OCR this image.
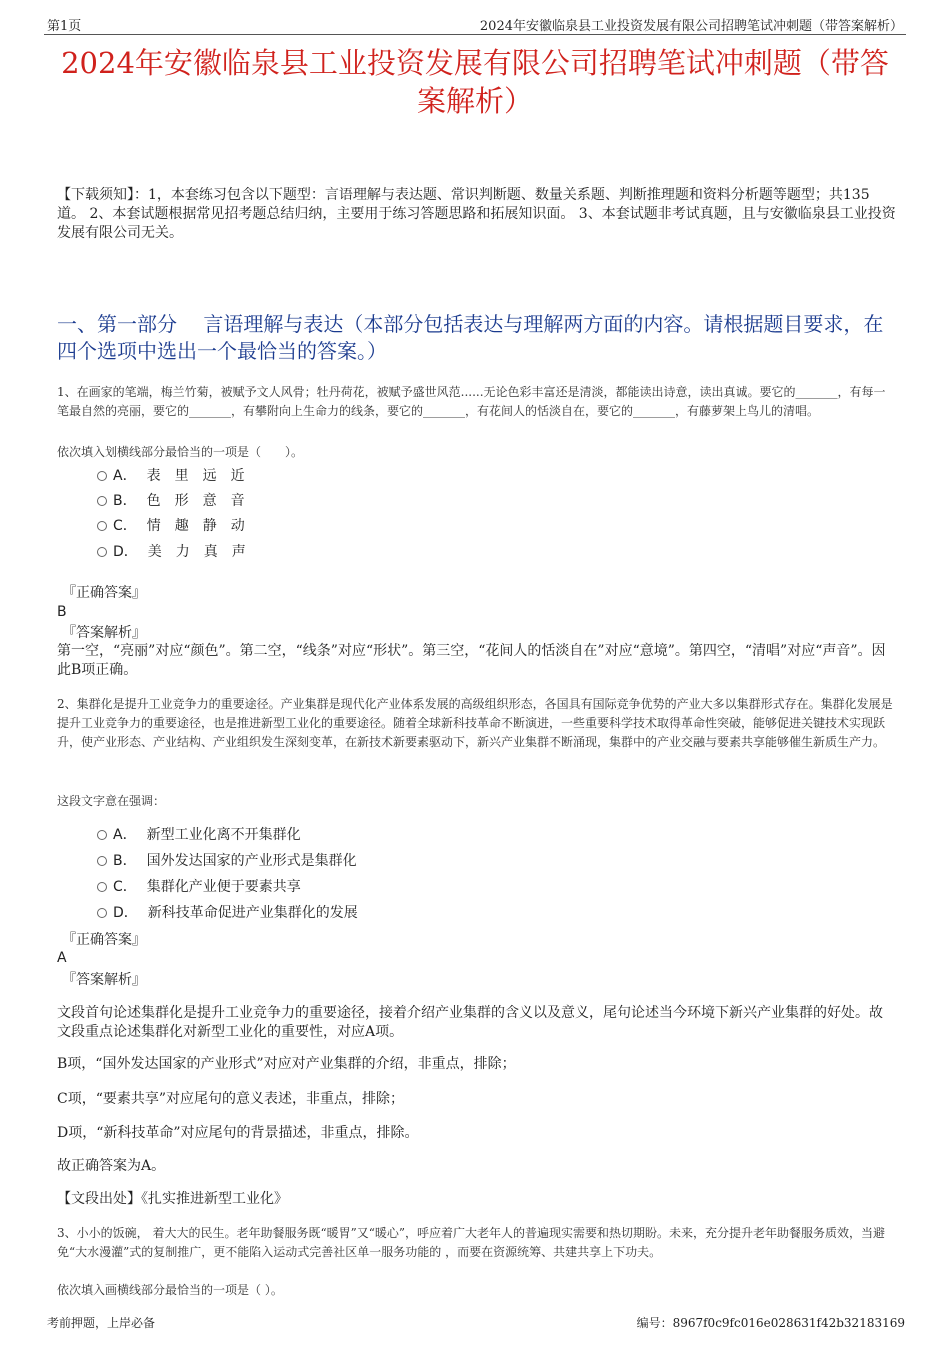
第1页	2024年安徽临泉县工业投资发展有限公司招聘笔试冲刺题（带答案解析）
2024年安徽临泉县工业投资发展有限公司招聘笔试冲刺题（带答案解析）
【下载须知】：1，本套练习包含以下题型：言语理解与表达题、常识判断题、数量关系题、判断推理题和资料分析题等题型；共135道。 2、本套试题根据常见招考题总结归纳，主要用于练习答题思路和拓展知识面。 3、本套试题非考试真题，且与安徽临泉县工业投资发展有限公司无关。
一、第一部分　 言语理解与表达（本部分包括表达与理解两方面的内容。请根据题目要求，在四个选项中选出一个最恰当的答案。）
1、在画家的笔端，梅兰竹菊，被赋予文人风骨；牡丹荷花，被赋予盛世风范......无论色彩丰富还是清淡，都能读出诗意，读出真诚。要它的_______，有每一笔最自然的亮丽，要它的_______，有攀附向上生命力的线条，要它的_______，有花间人的恬淡自在，要它的_______，有藤萝架上鸟儿的清唱。
依次填入划横线部分最恰当的一项是（　　）。
A． 表　里　远　近
B． 色　形　意　音
C． 情　趣　静　动
D． 美　力　真　声
『正确答案』
B
『答案解析』
第一空，“亮丽”对应“颜色”。第二空，“线条”对应“形状”。第三空，“花间人的恬淡自在”对应“意境”。第四空，“清唱”对应“声音”。因此B项正确。
2、集群化是提升工业竞争力的重要途径。产业集群是现代化产业体系发展的高级组织形态，各国具有国际竞争优势的产业大多以集群形式存在。集群化发展是提升工业竞争力的重要途径，也是推进新型工业化的重要途径。随着全球新科技革命不断演进，一些重要科学技术取得革命性突破，能够促进关键技术实现跃升，使产业形态、产业结构、产业组织发生深刻变革，在新技术新要素驱动下，新兴产业集群不断涌现，集群中的产业交融与要素共享能够催生新质生产力。
这段文字意在强调：
A． 新型工业化离不开集群化
B． 国外发达国家的产业形式是集群化
C． 集群化产业便于要素共享
D． 新科技革命促进产业集群化的发展
『正确答案』
A
『答案解析』
文段首句论述集群化是提升工业竞争力的重要途径，接着介绍产业集群的含义以及意义，尾句论述当今环境下新兴产业集群的好处。故文段重点论述集群化对新型工业化的重要性，对应A项。
B项，“国外发达国家的产业形式”对应对产业集群的介绍，非重点，排除；
C项，“要素共享”对应尾句的意义表述，非重点，排除；
D项，“新科技革命”对应尾句的背景描述，非重点，排除。
故正确答案为A。
【文段出处】《扎实推进新型工业化》
3、小小的饭碗， 着大大的民生。老年助餐服务既“暖胃”又“暖心”，呼应着广大老年人的普遍现实需要和热切期盼。未来，充分提升老年助餐服务质效，当避免“大水漫灌”式的复制推广，更不能陷入运动式完善社区单一服务功能的 ，而要在资源统筹、共建共享上下功夫。
依次填入画横线部分最恰当的一项是（ ）。
考前押题，上岸必备	编号：8967f0c9fc016e028631f42b32183169
